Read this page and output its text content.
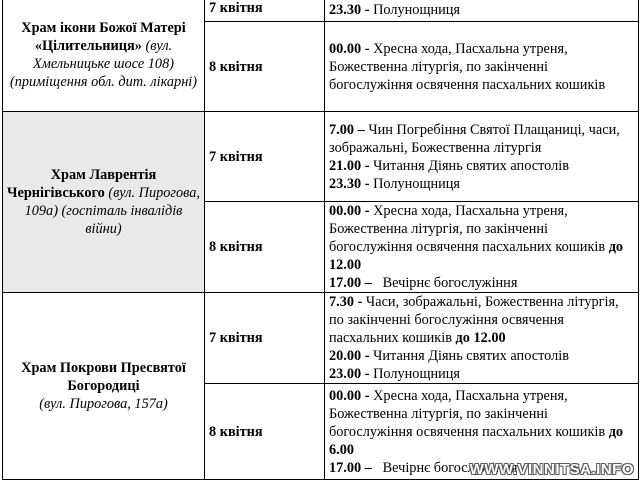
Храм ікони Божої Матері «Цілительниця» (вул. Хмельницьке шосе 108) (приміщення обл. дит. лікарні)	7 квітня	23.30 - Полунощниця

	8 квітня	00.00 - Хресна хода, Пасхальна утреня, Божественна літургія, по закінченні богослужіння освячення пасхальних кошиків
Храм Лаврентія Чернігівського (вул. Пирогова, 109а) (госпіталь інвалідів війни)	7 квітня	7.00 – Чин Погребіння Святої Плащаниці, часи, зображальні, Божественна літургія
21.00 - Читання Діянь святих апостолів
23.30 - Полунощниця

	8 квітня	00.00 - Хресна хода, Пасхальна утреня, Божественна літургія, по закінченні богослужіння освячення пасхальних кошиків до 12.00
17.00 –   Вечірнє богослужіння

Храм Покрови Пресвятої Богородиці
(вул. Пирогова, 157а)	7 квітня	7.30 - Часи, зображальні, Божественна літургія, по закінченні богослужіння освячення пасхальних кошиків до 12.00
20.00 - Читання Діянь святих апостолів
23.00 - Полунощниця

	8 квітня	00.00 - Хресна хода, Пасхальна утреня, Божественна літургія, по закінченні богослужіння освячення пасхальних кошиків до 6.00
17.00 –   Вечірнє богослужіння
WWW.VINNITSA.INFO
